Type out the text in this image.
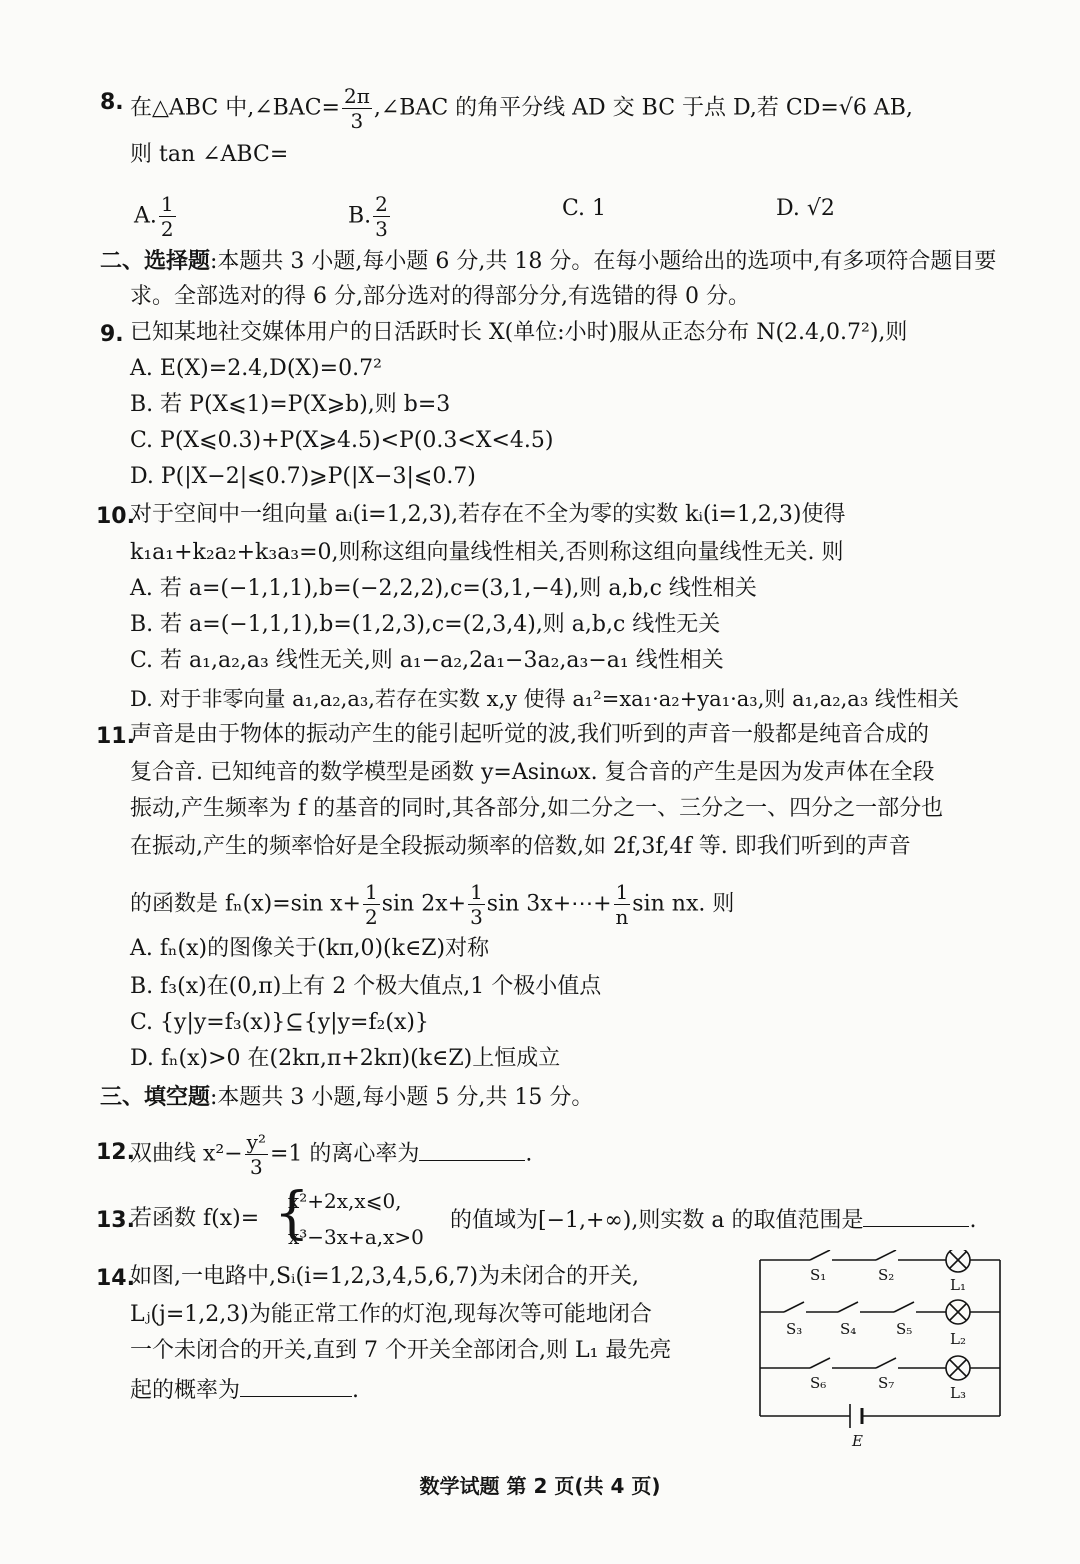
8. 在△ABC 中,∠BAC= $\frac{2\pi}{3}$ ,∠BAC 的角平分线 AD 交 BC 于点 D,若 CD=√6 AB,
则 tan ∠ABC=
A. $\frac{1}{2}$	B. $\frac{2}{3}$	C. 1	D. √2
二、选择题:本题共 3 小题,每小题 6 分,共 18 分。在每小题给出的选项中,有多项符合题目要
求。全部选对的得 6 分,部分选对的得部分分,有选错的得 0 分。
9. 已知某地社交媒体用户的日活跃时长 X(单位:小时)服从正态分布 N(2.4,0.7²),则
A. E(X)=2.4,D(X)=0.7²
B. 若 P(X⩽1)=P(X⩾b),则 b=3
C. P(X⩽0.3)+P(X⩾4.5)<P(0.3<X<4.5)
D. P(|X−2|⩽0.7)⩾P(|X−3|⩽0.7)
10.
对于空间中一组向量 aᵢ(i=1,2,3),若存在不全为零的实数 kᵢ(i=1,2,3)使得
k₁a₁+k₂a₂+k₃a₃=0,则称这组向量线性相关,否则称这组向量线性无关. 则
A. 若 a=(−1,1,1),b=(−2,2,2),c=(3,1,−4),则 a,b,c 线性相关
B. 若 a=(−1,1,1),b=(1,2,3),c=(2,3,4),则 a,b,c 线性无关
C. 若 a₁,a₂,a₃ 线性无关,则 a₁−a₂,2a₁−3a₂,a₃−a₁ 线性相关
D. 对于非零向量 a₁,a₂,a₃,若存在实数 x,y 使得 a₁²=xa₁·a₂+ya₁·a₃,则 a₁,a₂,a₃ 线性相关
11.
声音是由于物体的振动产生的能引起听觉的波,我们听到的声音一般都是纯音合成的
复合音. 已知纯音的数学模型是函数 y=Asinωx. 复合音的产生是因为发声体在全段
振动,产生频率为 f 的基音的同时,其各部分,如二分之一、三分之一、四分之一部分也
在振动,产生的频率恰好是全段振动频率的倍数,如 2f,3f,4f 等. 即我们听到的声音
的函数是 fₙ(x)=sin $x+ \frac{1}{2}$ $\sin 2x+ \frac{1}{3}$ sin 3x+⋯+ $\frac{1}{n}$ sin nx. 则
A. fₙ(x)的图像关于(kπ,0)(k∈Z)对称
B. f₃(x)在(0,π)上有 2 个极大值点,1 个极小值点
C. {y|y=f₃(x)}⊆{y|y=f₂(x)}
D. fₙ(x)>0 在(2kπ,π+2kπ)(k∈Z)上恒成立
三、填空题:本题共 3 小题,每小题 5 分,共 15 分。
12.
双曲线 $x^2- \frac{\text{y²}}{3} =1$ 的离心率为	.
13.
若函数 f(x)= {
x²+2x,x⩽0,
x³−3x+a,x>0
的值域为[−1,+∞),则实数 a 的取值范围是	.
14.
如图,一电路中,Sᵢ(i=1,2,3,4,5,6,7)为未闭合的开关,
Lⱼ(j=1,2,3)为能正常工作的灯泡,现每次等可能地闭合
一个未闭合的开关,直到 7 个开关全部闭合,则 L₁ 最先亮
起的概率为	.
S₁	S₂
L₁
S₃	S₄	S₅
L₂
S₆	S₇
L₃
E
数学试题 第 2 页(共 4 页)
